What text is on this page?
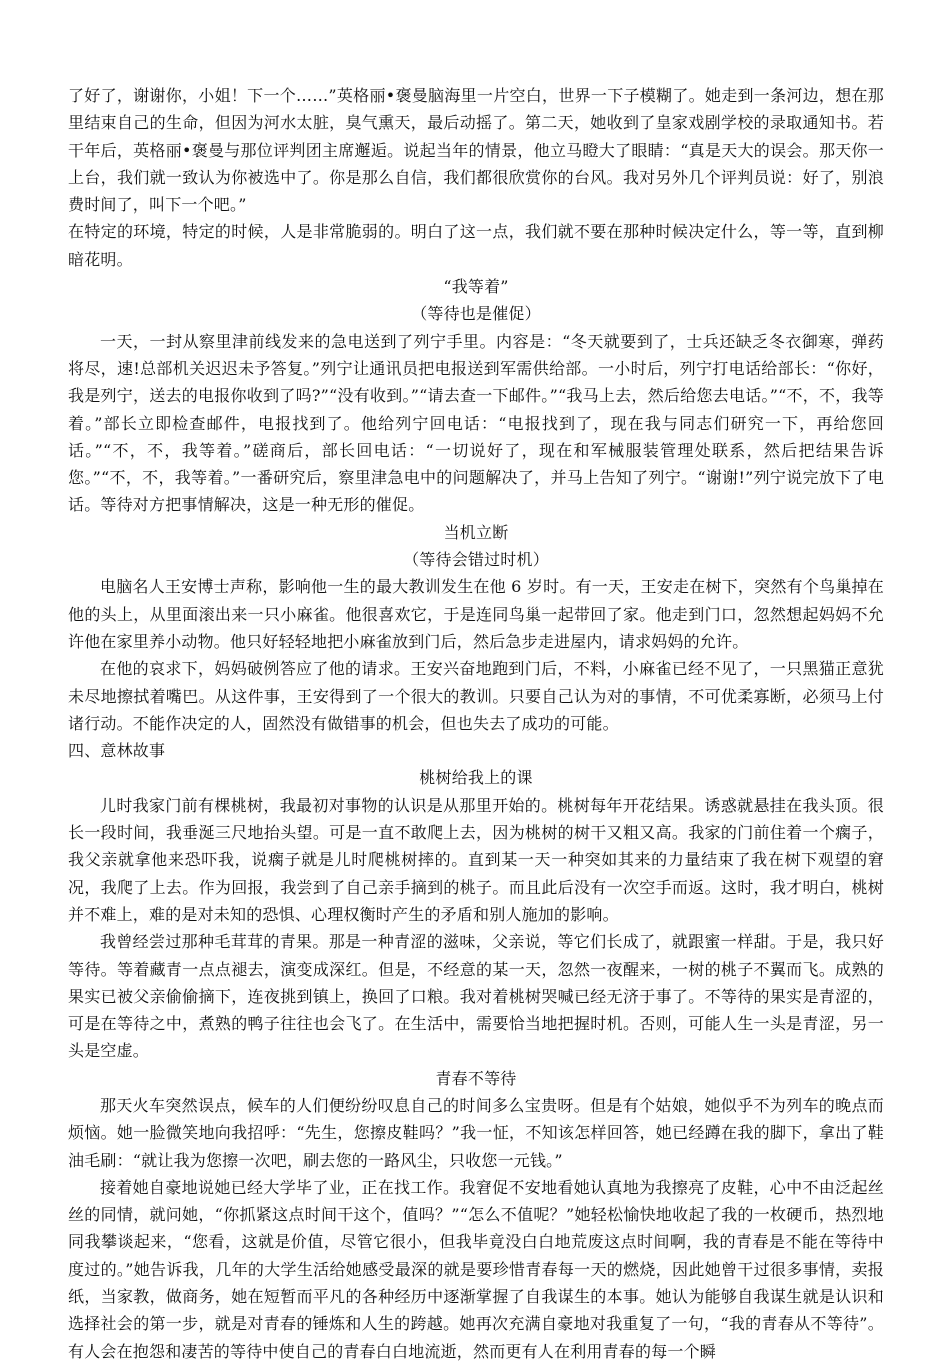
了好了，谢谢你，小姐！下一个……”英格丽•褒曼脑海里一片空白，世界一下子模糊了。她走到一条河边，想在那里结束自己的生命，但因为河水太脏，臭气熏天，最后动摇了。第二天，她收到了皇家戏剧学校的录取通知书。若干年后，英格丽•褒曼与那位评判团主席邂逅。说起当年的情景，他立马瞪大了眼睛：“真是天大的误会。那天你一上台，我们就一致认为你被选中了。你是那么自信，我们都很欣赏你的台风。我对另外几个评判员说：好了，别浪费时间了，叫下一个吧。”

在特定的环境，特定的时候，人是非常脆弱的。明白了这一点，我们就不要在那种时候决定什么，等一等，直到柳暗花明。

“我等着”

（等待也是催促）

一天，一封从察里津前线发来的急电送到了列宁手里。内容是：“冬天就要到了，士兵还缺乏冬衣御寒，弹药将尽，速!总部机关迟迟未予答复。”列宁让通讯员把电报送到军需供给部。一小时后，列宁打电话给部长：“你好，我是列宁，送去的电报你收到了吗?”“没有收到。”“请去查一下邮件。”“我马上去，然后给您去电话。”“不，不，我等着。”部长立即检查邮件，电报找到了。他给列宁回电话：“电报找到了，现在我与同志们研究一下，再给您回话。”“不，不，我等着。”磋商后，部长回电话：“一切说好了，现在和军械服装管理处联系，然后把结果告诉您。”“不，不，我等着。”一番研究后，察里津急电中的问题解决了，并马上告知了列宁。“谢谢!”列宁说完放下了电话。等待对方把事情解决，这是一种无形的催促。

当机立断

（等待会错过时机）

电脑名人王安博士声称，影响他一生的最大教训发生在他 6 岁时。有一天，王安走在树下，突然有个鸟巢掉在他的头上，从里面滚出来一只小麻雀。他很喜欢它，于是连同鸟巢一起带回了家。他走到门口，忽然想起妈妈不允许他在家里养小动物。他只好轻轻地把小麻雀放到门后，然后急步走进屋内，请求妈妈的允许。

在他的哀求下，妈妈破例答应了他的请求。王安兴奋地跑到门后，不料，小麻雀已经不见了，一只黑猫正意犹未尽地擦拭着嘴巴。从这件事，王安得到了一个很大的教训。只要自己认为对的事情，不可优柔寡断，必须马上付诸行动。不能作决定的人，固然没有做错事的机会，但也失去了成功的可能。

四、意林故事

桃树给我上的课

儿时我家门前有棵桃树，我最初对事物的认识是从那里开始的。桃树每年开花结果。诱惑就悬挂在我头顶。很长一段时间，我垂涎三尺地抬头望。可是一直不敢爬上去，因为桃树的树干又粗又高。我家的门前住着一个瘸子，我父亲就拿他来恐吓我，说瘸子就是儿时爬桃树摔的。直到某一天一种突如其来的力量结束了我在树下观望的窘况，我爬了上去。作为回报，我尝到了自己亲手摘到的桃子。而且此后没有一次空手而返。这时，我才明白，桃树并不难上，难的是对未知的恐惧、心理权衡时产生的矛盾和别人施加的影响。

我曾经尝过那种毛茸茸的青果。那是一种青涩的滋味，父亲说，等它们长成了，就跟蜜一样甜。于是，我只好等待。等着藏青一点点褪去，演变成深红。但是，不经意的某一天，忽然一夜醒来，一树的桃子不翼而飞。成熟的果实已被父亲偷偷摘下，连夜挑到镇上，换回了口粮。我对着桃树哭喊已经无济于事了。不等待的果实是青涩的，可是在等待之中，煮熟的鸭子往往也会飞了。在生活中，需要恰当地把握时机。否则，可能人生一头是青涩，另一头是空虚。

青春不等待

那天火车突然误点，候车的人们便纷纷叹息自己的时间多么宝贵呀。但是有个姑娘，她似乎不为列车的晚点而烦恼。她一脸微笑地向我招呼：“先生，您擦皮鞋吗？”我一怔，不知该怎样回答，她已经蹲在我的脚下，拿出了鞋油毛刷：“就让我为您擦一次吧，刷去您的一路风尘，只收您一元钱。”

接着她自豪地说她已经大学毕了业，正在找工作。我窘促不安地看她认真地为我擦亮了皮鞋，心中不由泛起丝丝的同情，就问她，“你抓紧这点时间干这个，值吗？”“怎么不值呢？”她轻松愉快地收起了我的一枚硬币，热烈地同我攀谈起来，“您看，这就是价值，尽管它很小，但我毕竟没白白地荒废这点时间啊，我的青春是不能在等待中度过的。”她告诉我，几年的大学生活给她感受最深的就是要珍惜青春每一天的燃烧，因此她曾干过很多事情，卖报纸，当家教，做商务，她在短暂而平凡的各种经历中逐渐掌握了自我谋生的本事。她认为能够自我谋生就是认识和选择社会的第一步，就是对青春的锤炼和人生的跨越。她再次充满自豪地对我重复了一句，“我的青春从不等待”。有人会在抱怨和凄苦的等待中使自己的青春白白地流逝，然而更有人在利用青春的每一个瞬
